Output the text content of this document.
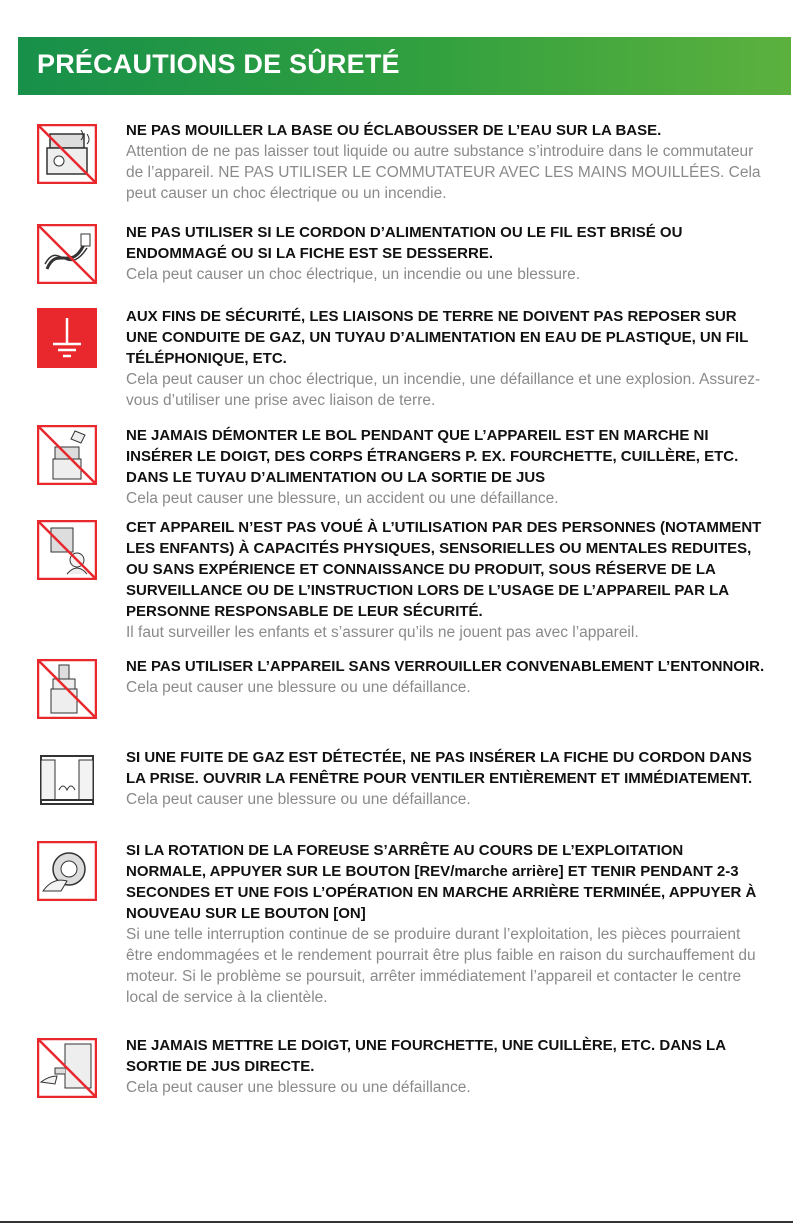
PRÉCAUTIONS DE SÛRETÉ
NE PAS MOUILLER LA BASE OU ÉCLABOUSSER DE L’EAU SUR LA BASE.
Attention de ne pas laisser tout liquide ou autre substance s’introduire dans le commutateur de l’appareil. NE PAS UTILISER LE COMMUTATEUR AVEC LES MAINS MOUILLÉES. Cela peut causer un choc électrique ou un incendie.
NE PAS UTILISER SI LE CORDON D’ALIMENTATION OU LE FIL EST BRISÉ OU ENDOMMAGÉ OU SI LA FICHE EST SE DESSERRE.
Cela peut causer un choc électrique, un incendie ou une blessure.
AUX FINS DE SÉCURITÉ, LES LIAISONS DE TERRE NE DOIVENT PAS REPOSER SUR UNE CONDUITE DE GAZ, UN TUYAU D’ALIMENTATION EN EAU DE PLASTIQUE, UN FIL TÉLÉPHONIQUE, ETC.
Cela peut causer un choc électrique, un incendie, une défaillance et une explosion. Assurez-vous d’utiliser une prise avec liaison de terre.
NE JAMAIS DÉMONTER LE BOL PENDANT QUE L’APPAREIL EST EN MARCHE NI INSÉRER LE DOIGT, DES CORPS ÉTRANGERS P. EX. FOURCHETTE, CUILLÈRE, ETC. DANS LE TUYAU D’ALIMENTATION OU LA SORTIE DE JUS
Cela peut causer une blessure, un accident ou une défaillance.
CET APPAREIL N’EST PAS VOUÉ À L’UTILISATION PAR DES PERSONNES (NOTAMMENT LES ENFANTS) À CAPACITÉS PHYSIQUES, SENSORIELLES OU MENTALES REDUITES, OU SANS EXPÉRIENCE ET CONNAISSANCE DU PRODUIT, SOUS RÉSERVE DE LA SURVEILLANCE OU DE L’INSTRUCTION LORS DE L’USAGE DE L’APPAREIL PAR LA PERSONNE RESPONSABLE DE LEUR SÉCURITÉ.
Il faut surveiller les enfants et s’assurer qu’ils ne jouent pas avec l’appareil.
NE PAS UTILISER L’APPAREIL SANS VERROUILLER CONVENABLEMENT L’ENTONNOIR.
Cela peut causer une blessure ou une défaillance.
SI UNE FUITE DE GAZ EST DÉTECTÉE, NE PAS INSÉRER LA FICHE DU CORDON DANS LA PRISE. OUVRIR LA FENÊTRE POUR VENTILER ENTIÈREMENT ET IMMÉDIATEMENT.
Cela peut causer une blessure ou une défaillance.
SI LA ROTATION DE LA FOREUSE S’ARRÊTE AU COURS DE L’EXPLOITATION NORMALE, APPUYER SUR LE BOUTON [REV/marche arrière] ET TENIR PENDANT 2-3 SECONDES ET UNE FOIS L’OPÉRATION EN MARCHE ARRIÈRE TERMINÉE, APPUYER À NOUVEAU SUR LE BOUTON [ON]
Si une telle interruption continue de se produire durant l’exploitation, les pièces pourraient être endommagées et le rendement pourrait être plus faible en raison du surchauffement du moteur. Si le problème se poursuit, arrêter immédiatement l’appareil et contacter le centre local de service à la clientèle.
NE JAMAIS METTRE LE DOIGT, UNE FOURCHETTE, UNE CUILLÈRE, ETC. DANS LA SORTIE DE JUS DIRECTE.
Cela peut causer une blessure ou une défaillance.
